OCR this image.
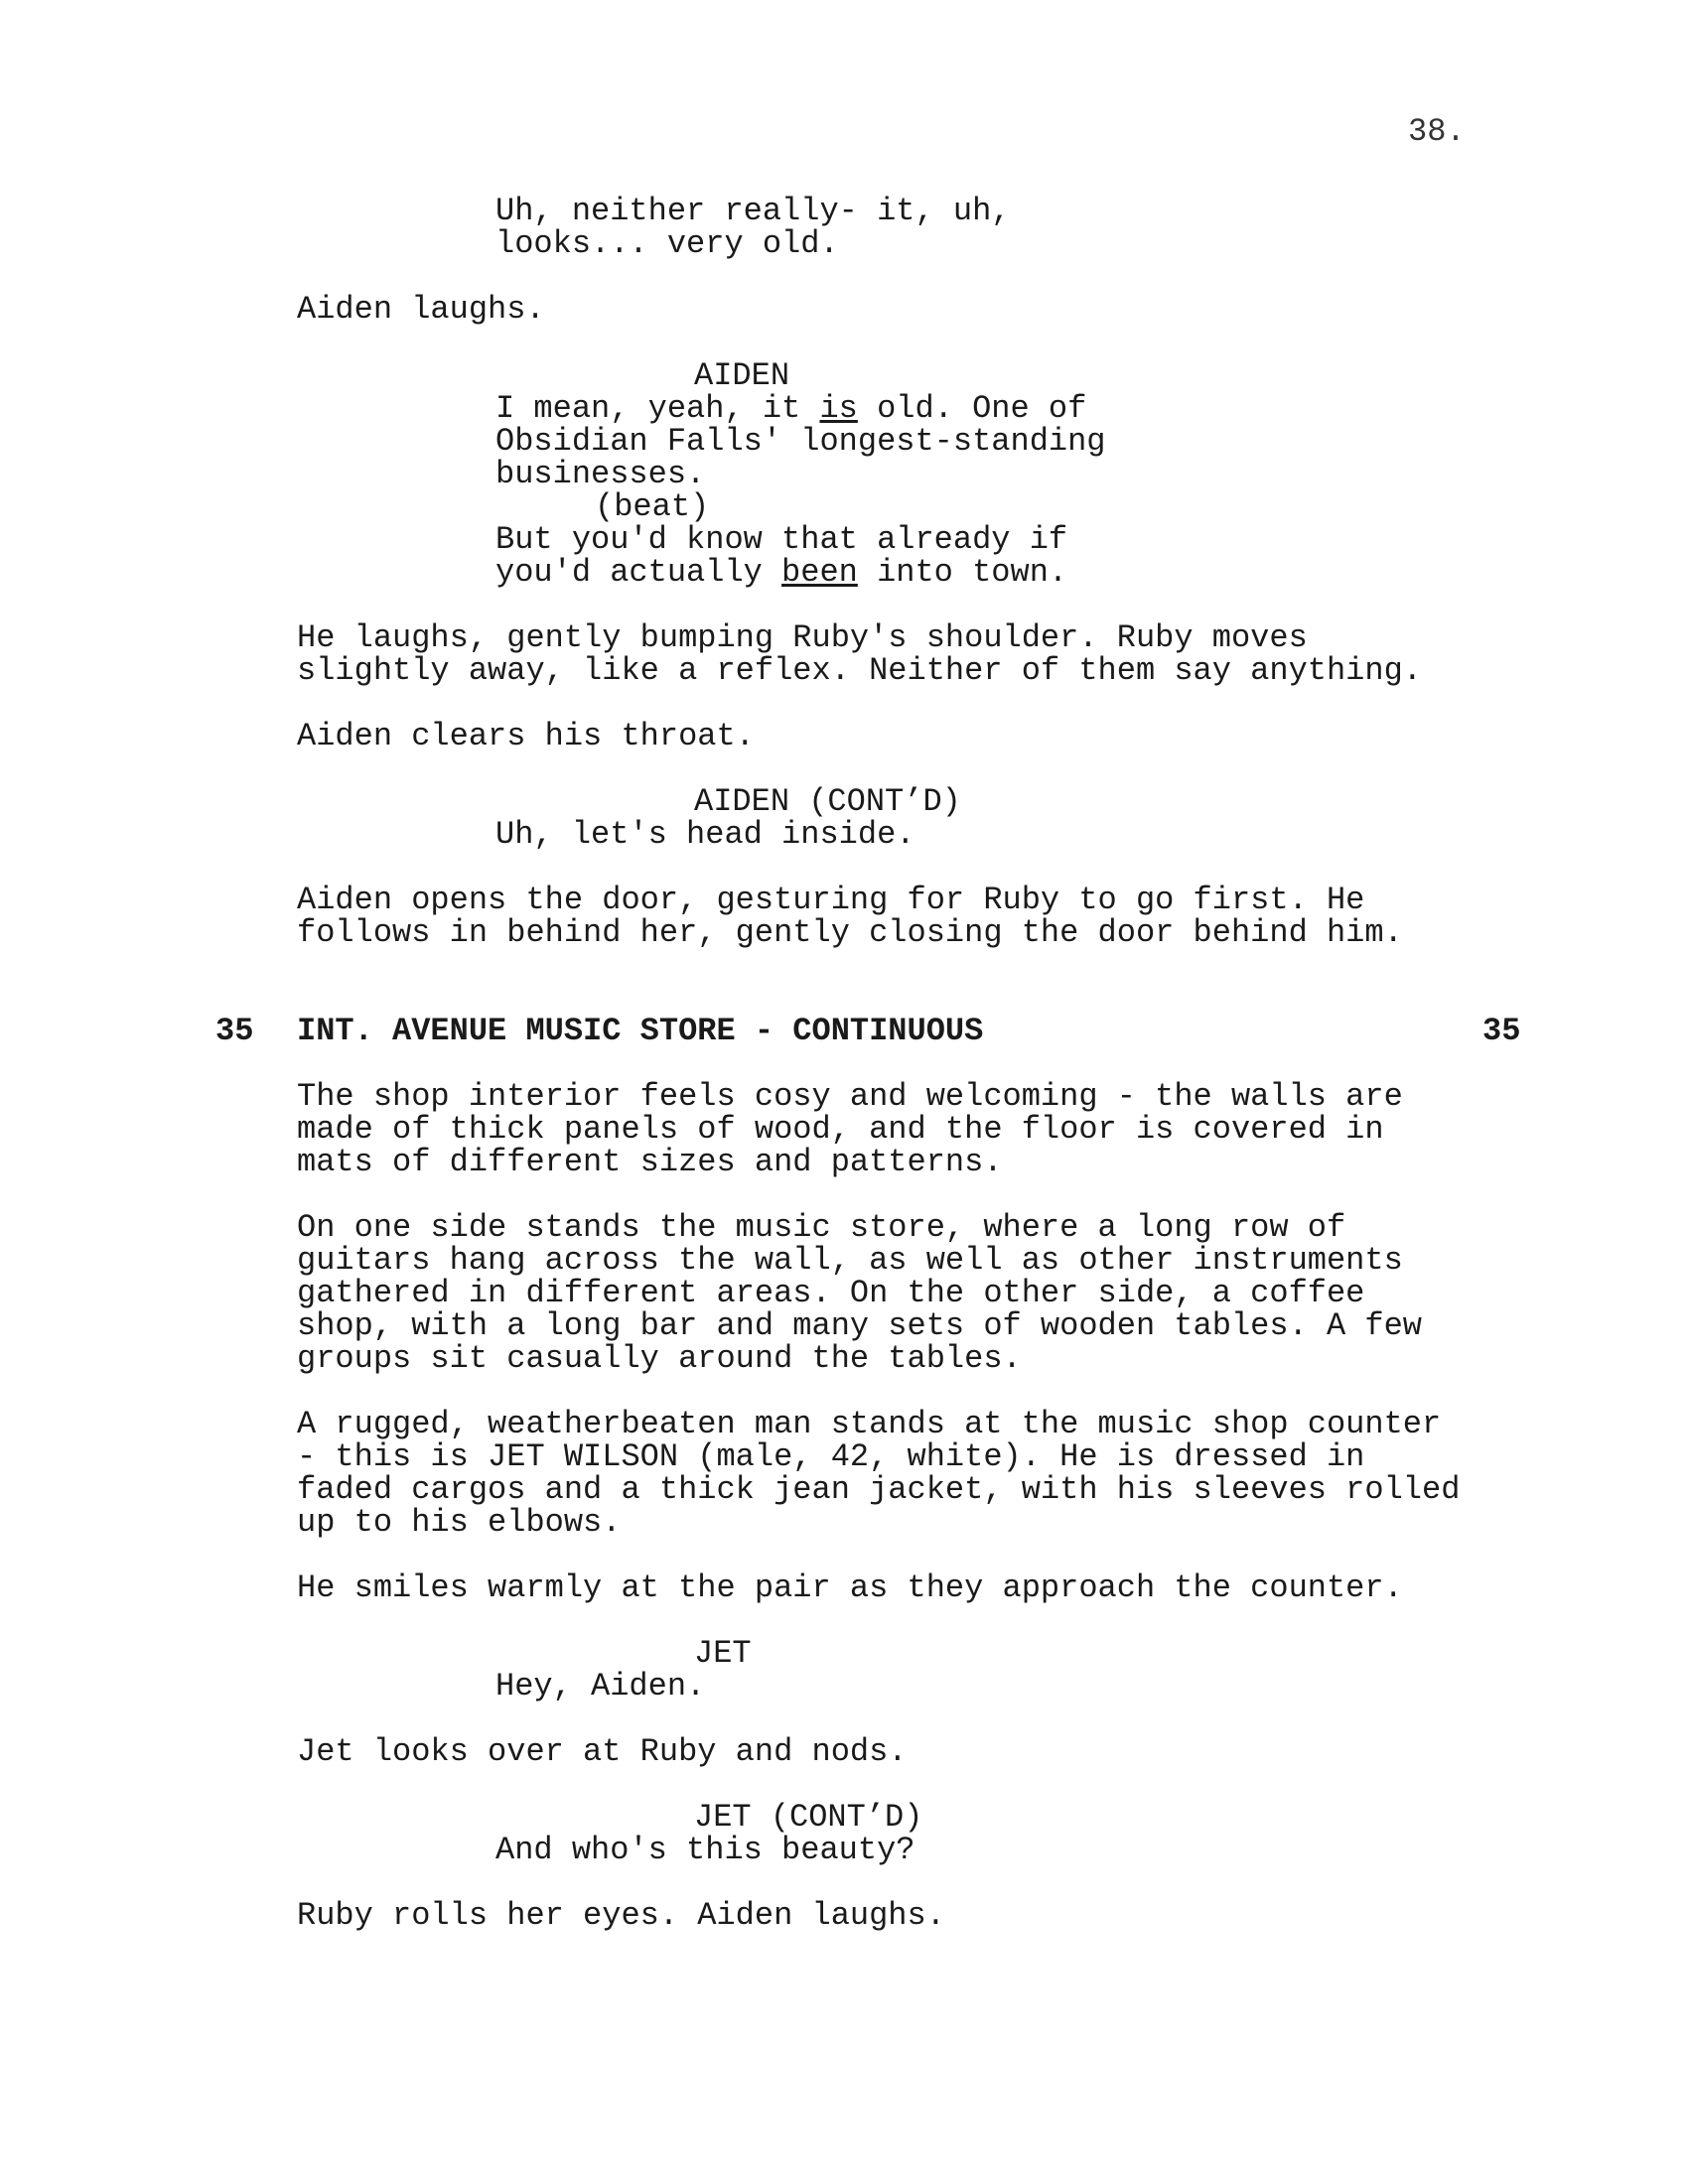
38.
Uh, neither really- it, uh,
looks... very old.
Aiden laughs.
AIDEN
I mean, yeah, it is old. One of
Obsidian Falls' longest-standing
businesses.
(beat)
But you'd know that already if
you'd actually been into town.
He laughs, gently bumping Ruby's shoulder. Ruby moves
slightly away, like a reflex. Neither of them say anything.
Aiden clears his throat.
AIDEN (CONT’D)
Uh, let's head inside.
Aiden opens the door, gesturing for Ruby to go first. He
follows in behind her, gently closing the door behind him.
35 INT. AVENUE MUSIC STORE - CONTINUOUS	35
The shop interior feels cosy and welcoming - the walls are
made of thick panels of wood, and the floor is covered in
mats of different sizes and patterns.
On one side stands the music store, where a long row of
guitars hang across the wall, as well as other instruments
gathered in different areas. On the other side, a coffee
shop, with a long bar and many sets of wooden tables. A few
groups sit casually around the tables.
A rugged, weatherbeaten man stands at the music shop counter
- this is JET WILSON (male, 42, white). He is dressed in
faded cargos and a thick jean jacket, with his sleeves rolled
up to his elbows.
He smiles warmly at the pair as they approach the counter.
JET
Hey, Aiden.
Jet looks over at Ruby and nods.
JET (CONT’D)
And who's this beauty?
Ruby rolls her eyes. Aiden laughs.
